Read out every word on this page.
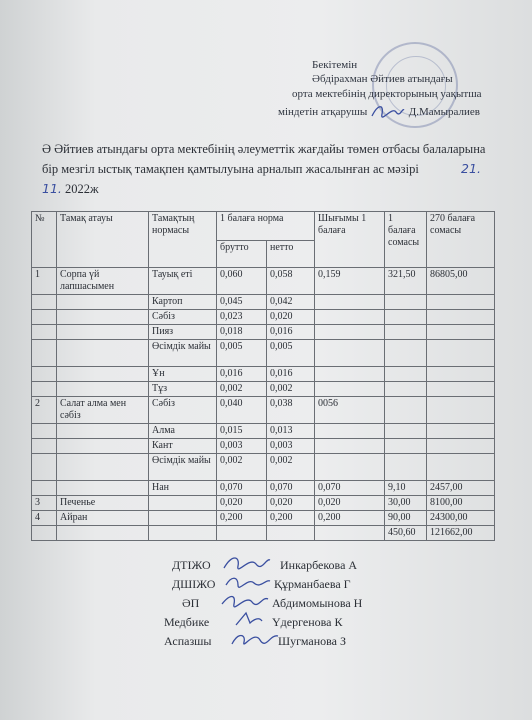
Бекітемін
Әбдірахман Әйтиев атындағы
орта мектебінің директорының уақытша
міндетін атқарушы	Д.Мамыралиев
Ә Әйтиев атындағы орта мектебінің әлеуметтік жағдайы төмен отбасы балаларына бір мезгіл ыстық тамақпен қамтылуына арналып жасалынған ас мәзірі	21. 11. 2022ж
№	Тамақ атауы	Тамақтың нормасы	1 балаға норма		Шығымы 1 балаға	1 балаға сомасы	270 балаға сомасы
			брутто	нетто			
1	Сорпа үй лапшасымен	Тауық еті	0,060	0,058	0,159	321,50	86805,00
		Картоп	0,045	0,042			
		Сәбіз	0,023	0,020			
		Пияз	0,018	0,016			
		Өсімдік майы	0,005	0,005			
		Ұн	0,016	0,016			
		Тұз	0,002	0,002			
2	Салат алма мен сәбіз	Сәбіз	0,040	0,038	0056		
		Алма	0,015	0,013			
		Кант	0,003	0,003			
		Өсімдік майы	0,002	0,002			
		Нан	0,070	0,070	0,070	9,10	2457,00
3	Печенье		0,020	0,020	0,020	30,00	8100,00
4	Айран		0,200	0,200	0,200	90,00	24300,00
						450,60	121662,00
ДТІЖО	Инкарбекова А
ДШІЖО	Құрманбаева Г
ӘП	Абдимомынова Н
Медбике	Үдергенова К
Аспазшы	Шугманова З
